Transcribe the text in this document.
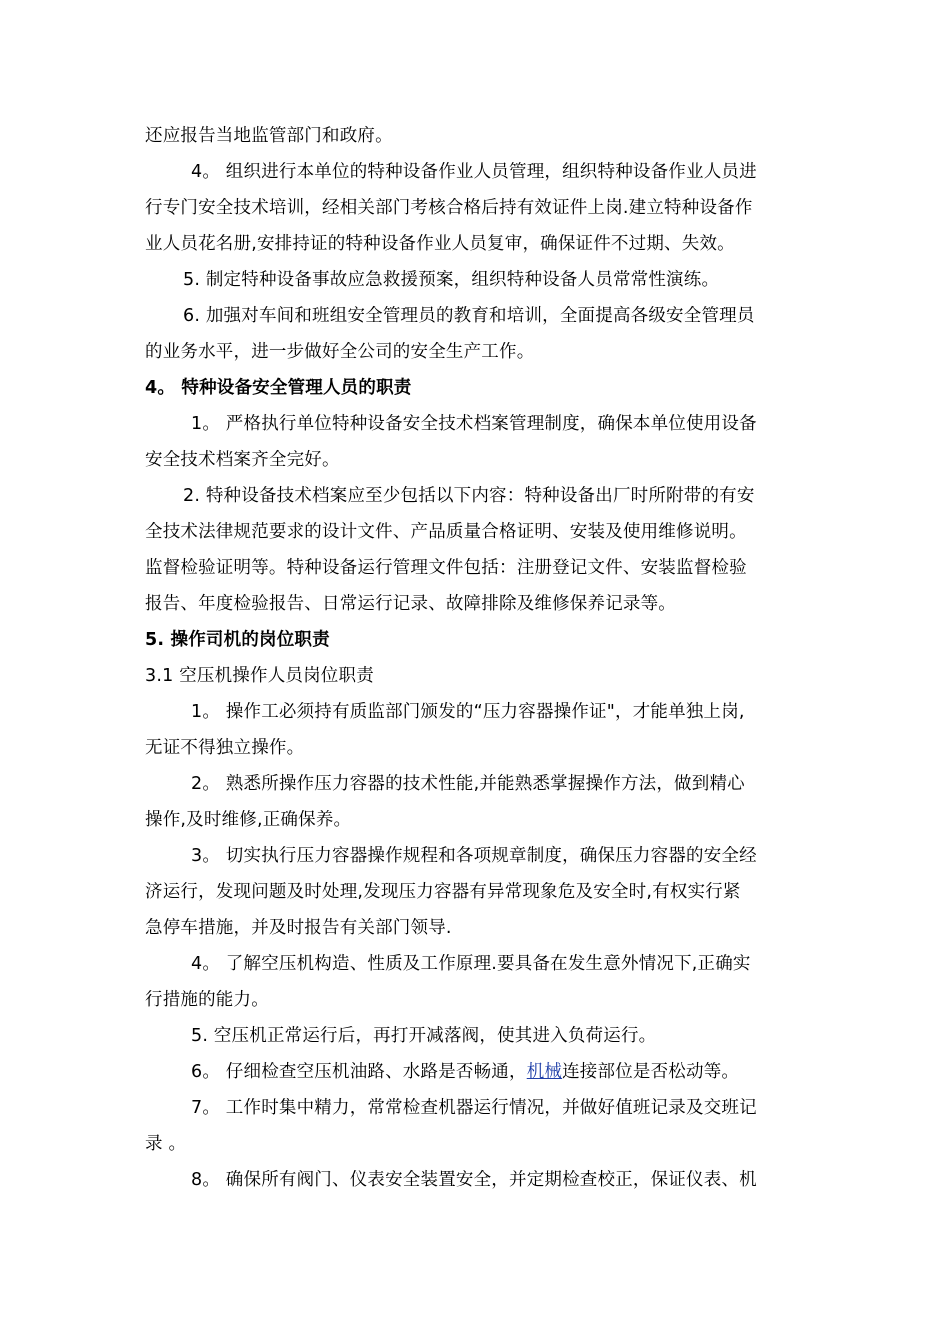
还应报告当地监管部门和政府。
4。 组织进行本单位的特种设备作业人员管理，组织特种设备作业人员进
行专门安全技术培训，经相关部门考核合格后持有效证件上岗.建立特种设备作
业人员花名册,安排持证的特种设备作业人员复审，确保证件不过期、失效。
5. 制定特种设备事故应急救援预案，组织特种设备人员常常性演练。
6. 加强对车间和班组安全管理员的教育和培训，全面提高各级安全管理员
的业务水平，进一步做好全公司的安全生产工作。
4。 特种设备安全管理人员的职责
1。 严格执行单位特种设备安全技术档案管理制度，确保本单位使用设备
安全技术档案齐全完好。
2. 特种设备技术档案应至少包括以下内容：特种设备出厂时所附带的有安
全技术法律规范要求的设计文件、产品质量合格证明、安装及使用维修说明。
监督检验证明等。特种设备运行管理文件包括：注册登记文件、安装监督检验
报告、年度检验报告、日常运行记录、故障排除及维修保养记录等。
5. 操作司机的岗位职责
3.1 空压机操作人员岗位职责
1。 操作工必须持有质监部门颁发的“压力容器操作证"，才能单独上岗,
无证不得独立操作。
2。 熟悉所操作压力容器的技术性能,并能熟悉掌握操作方法，做到精心
操作,及时维修,正确保养。
3。 切实执行压力容器操作规程和各项规章制度，确保压力容器的安全经
济运行，发现问题及时处理,发现压力容器有异常现象危及安全时,有权实行紧
急停车措施，并及时报告有关部门领导.
4。 了解空压机构造、性质及工作原理.要具备在发生意外情况下,正确实
行措施的能力。
5. 空压机正常运行后，再打开减落阀，使其进入负荷运行。
6。 仔细检查空压机油路、水路是否畅通，机械连接部位是否松动等。
7。 工作时集中精力，常常检查机器运行情况，并做好值班记录及交班记
录 。
8。 确保所有阀门、仪表安全装置安全，并定期检查校正，保证仪表、机
